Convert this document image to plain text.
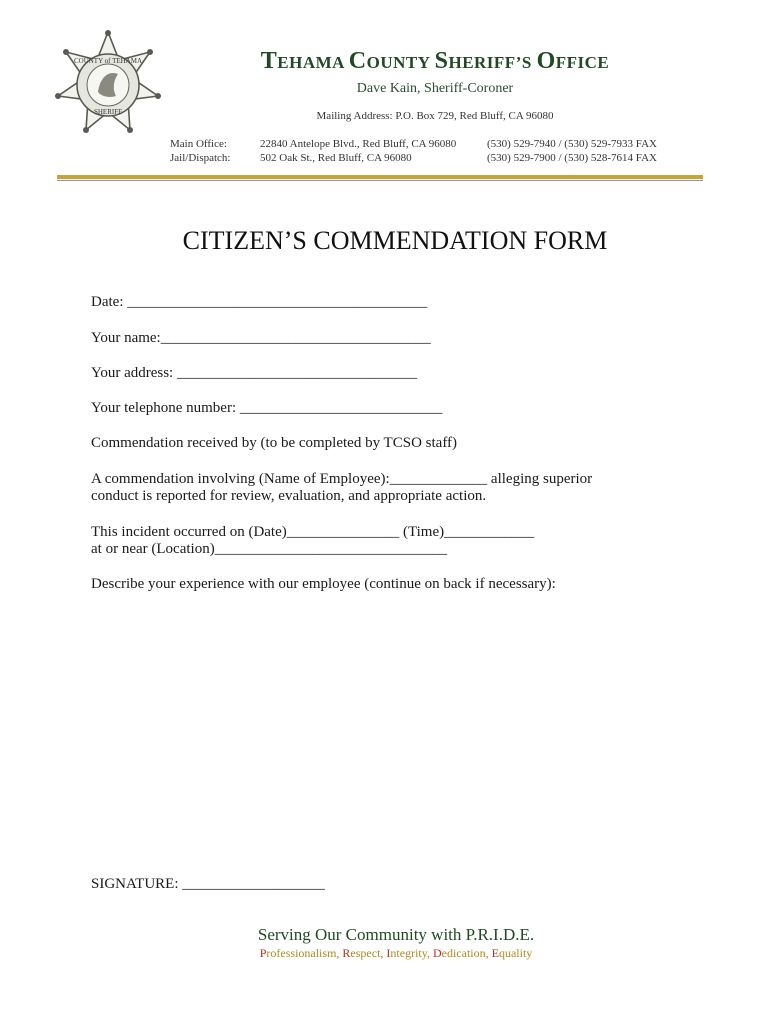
COUNTY of TEHAMA
SHERIFF
TEHAMA COUNTY SHERIFF’S OFFICE
Dave Kain, Sheriff-Coroner
Mailing Address: P.O. Box 729, Red Bluff, CA 96080
Main Office:	22840 Antelope Blvd., Red Bluff, CA 96080	(530) 529-7940 / (530) 529-7933 FAX
Jail/Dispatch:	502 Oak St., Red Bluff, CA 96080	(530) 529-7900 / (530) 528-7614 FAX
CITIZEN’S COMMENDATION FORM
Date: ________________________________________
Your name:____________________________________
Your address: ________________________________
Your telephone number: ___________________________
Commendation received by (to be completed by TCSO staff)
A commendation involving (Name of Employee):_____________ alleging superior
conduct is reported for review, evaluation, and appropriate action.
This incident occurred on (Date)_______________ (Time)____________
at or near (Location)_______________________________
Describe your experience with our employee (continue on back if necessary):
SIGNATURE: ___________________
Serving Our Community with P.R.I.D.E.
Professionalism, Respect, Integrity, Dedication, Equality
